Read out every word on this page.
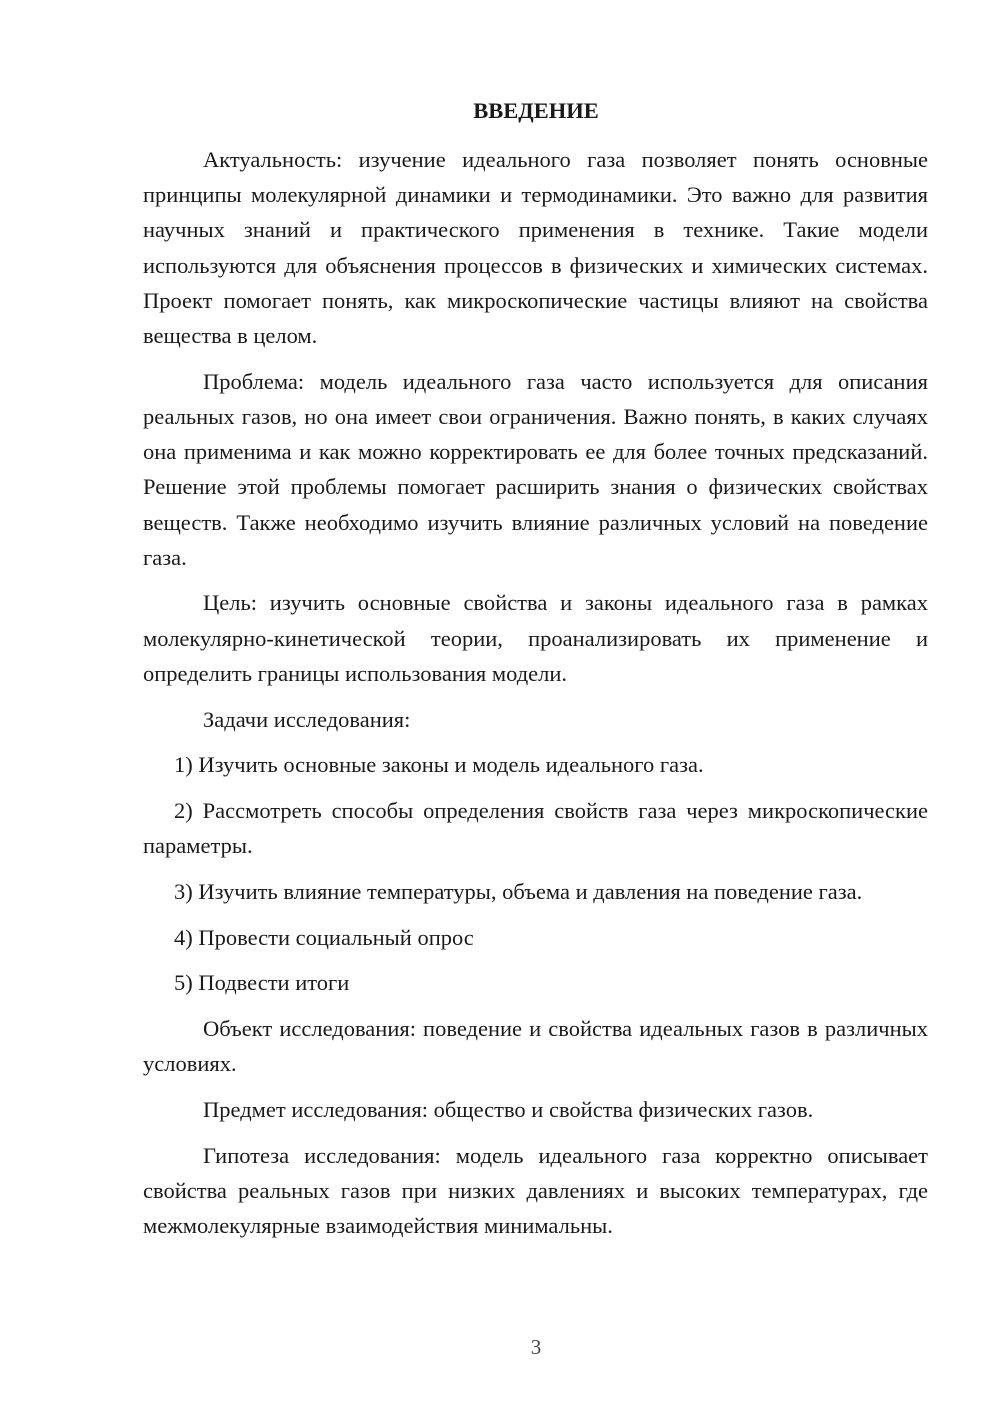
ВВЕДЕНИЕ

Актуальность: изучение идеального газа позволяет понять основные принципы молекулярной динамики и термодинамики. Это важно для развития научных знаний и практического применения в технике. Такие модели используются для объяснения процессов в физических и химических системах. Проект помогает понять, как микроскопические частицы влияют на свойства вещества в целом.

Проблема: модель идеального газа часто используется для описания реальных газов, но она имеет свои ограничения. Важно понять, в каких случаях она применима и как можно корректировать ее для более точных предсказаний. Решение этой проблемы помогает расширить знания о физических свойствах веществ. Также необходимо изучить влияние различных условий на поведение газа.

Цель: изучить основные свойства и законы идеального газа в рамках молекулярно-кинетической теории, проанализировать их применение и определить границы использования модели.

Задачи исследования:

1) Изучить основные законы и модель идеального газа.

2) Рассмотреть способы определения свойств газа через микроскопические параметры.

3) Изучить влияние температуры, объема и давления на поведение газа.

4) Провести социальный опрос

5) Подвести итоги

Объект исследования: поведение и свойства идеальных газов в различных условиях.

Предмет исследования: общество и свойства физических газов.

Гипотеза исследования: модель идеального газа корректно описывает свойства реальных газов при низких давлениях и высоких температурах, где межмолекулярные взаимодействия минимальны.

3
